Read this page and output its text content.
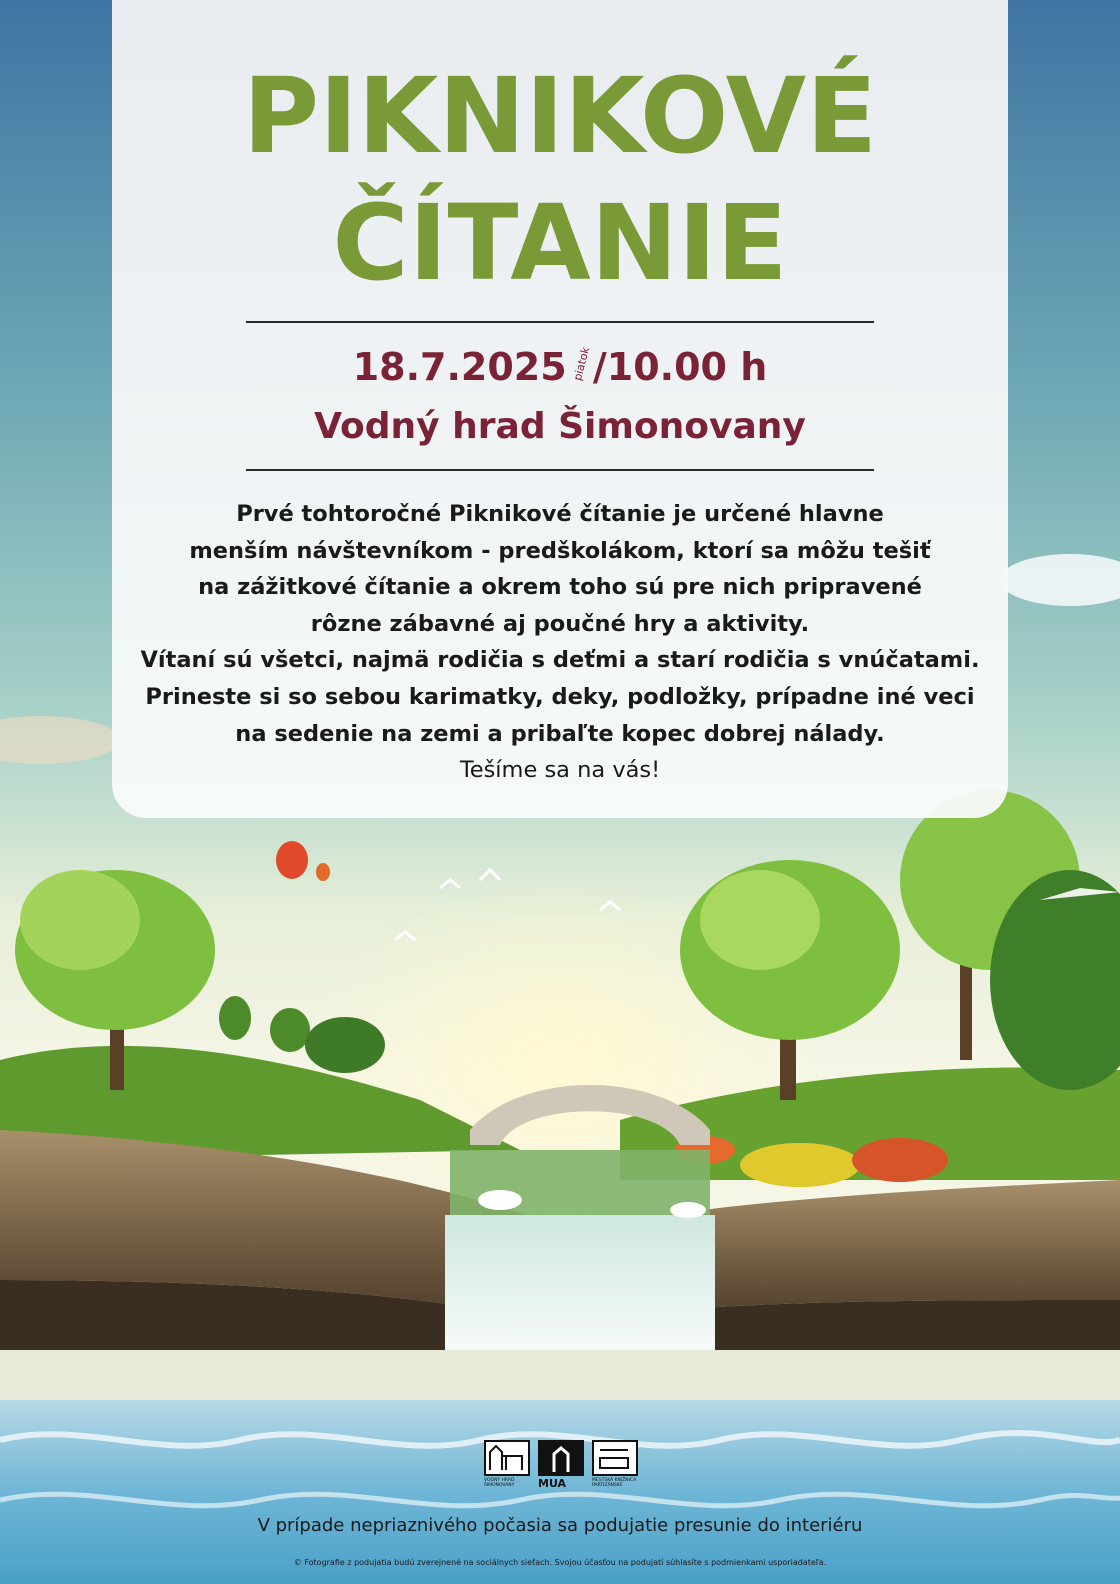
PIKNIKOVÉ
ČÍTANIE
18.7.2025 piatok/10.00 h
Vodný hrad Šimonovany
Prvé tohtoročné Piknikové čítanie je určené hlavne
menším návštevníkom - predškolákom, ktorí sa môžu tešiť
na zážitkové čítanie a okrem toho sú pre nich pripravené
rôzne zábavné aj poučné hry a aktivity.
Vítaní sú všetci, najmä rodičia s deťmi a starí rodičia s vnúčatami.
Prineste si so sebou karimatky, deky, podložky, prípadne iné veci
na sedenie na zemi a pribaľte kopec dobrej nálady.
Tešíme sa na vás!
VODNÝ HRAD ŠIMONOVANY	MUA	MESTSKÁ KNIŽNICA PARTIZÁNSKE
V prípade nepriaznivého počasia sa podujatie presunie do interiéru
© Fotografie z podujatia budú zverejnené na sociálnych sieťach. Svojou účasťou na podujatí súhlasíte s podmienkami usporiadateľa.
